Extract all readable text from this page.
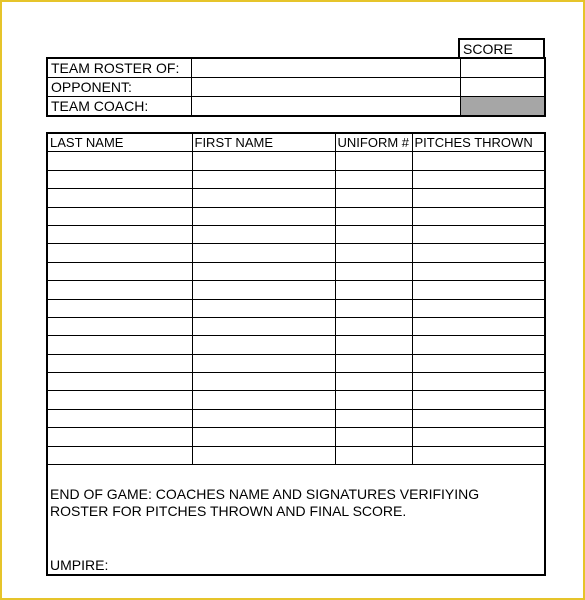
SCORE
TEAM ROSTER OF:		
OPPONENT:		
TEAM COACH:		
LAST NAME	FIRST NAME	UNIFORM #	PITCHES THROWN

END OF GAME: COACHES NAME AND SIGNATURES VERIFIYING
ROSTER FOR PITCHES THROWN AND FINAL SCORE.
UMPIRE:
